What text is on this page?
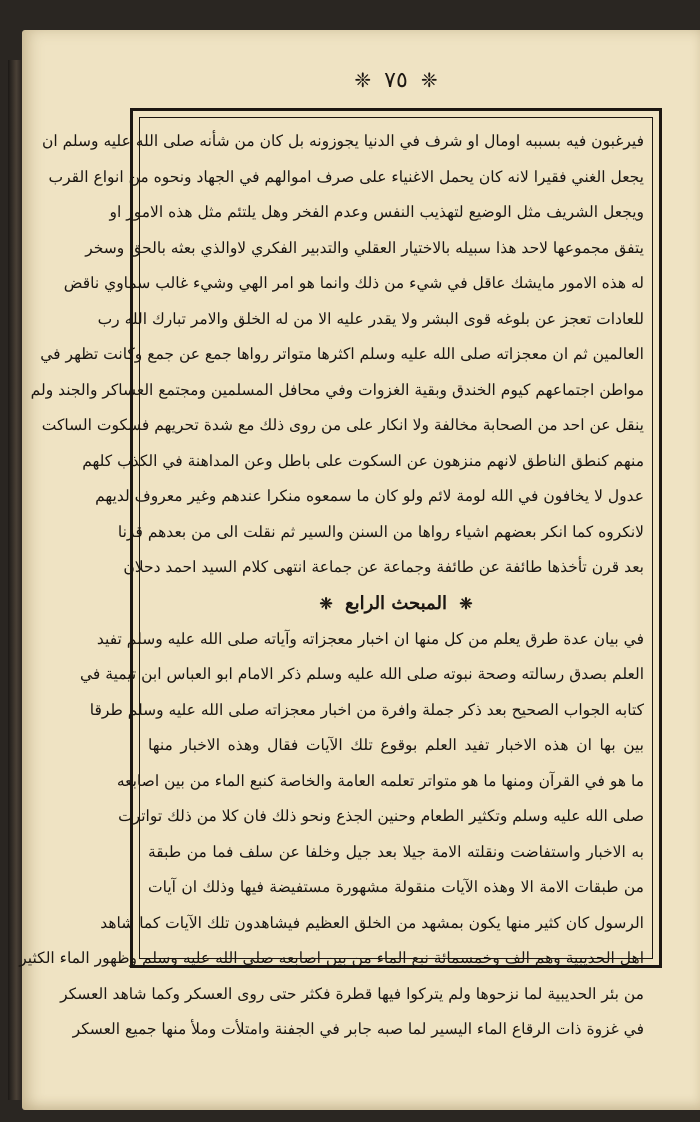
❈ ٧٥ ❈
فيرغبون فيه بسببه اومال او شرف في الدنيا يجوزونه بل كان من شأنه صلى الله عليه وسلم ان
يجعل الغني فقيرا لانه كان يحمل الاغنياء على صرف اموالهم في الجهاد ونحوه من انواع القرب
ويجعل الشريف مثل الوضيع لتهذيب النفس وعدم الفخر وهل يلتئم مثل هذه الامور او
يتفق مجموعها لاحد هذا سبيله بالاختيار العقلي والتدبير الفكري لاوالذي بعثه بالحق وسخر
له هذه الامور مايشك عاقل في شيء من ذلك وانما هو امر الهي وشيء غالب سماوي ناقض
للعادات تعجز عن بلوغه قوى البشر ولا يقدر عليه الا من له الخلق والامر تبارك الله رب
العالمين ثم ان معجزاته صلى الله عليه وسلم اكثرها متواتر رواها جمع عن جمع وكانت تظهر في
مواطن اجتماعهم كيوم الخندق وبقية الغزوات وفي محافل المسلمين ومجتمع العساكر والجند ولم
ينقل عن احد من الصحابة مخالفة ولا انكار على من روى ذلك مع شدة تحريهم فسكوت الساكت
منهم كنطق الناطق لانهم منزهون عن السكوت على باطل وعن المداهنة في الكذب كلهم
عدول لا يخافون في الله لومة لائم ولو كان ما سمعوه منكرا عندهم وغير معروف لديهم
لانكروه كما انكر بعضهم اشياء رواها من السنن والسير ثم نقلت الى من بعدهم قرنا
بعد قرن تأخذها طائفة عن طائفة وجماعة عن جماعة انتهى كلام السيد احمد دحلان
❈ المبحث الرابع ❈
في بيان عدة طرق يعلم من كل منها ان اخبار معجزاته وآياته صلى الله عليه وسلم تفيد
العلم بصدق رسالته وصحة نبوته صلى الله عليه وسلم ذكر الامام ابو العباس ابن تيمية في
كتابه الجواب الصحيح بعد ذكر جملة وافرة من اخبار معجزاته صلى الله عليه وسلم طرقا
بين بها ان هذه الاخبار تفيد العلم بوقوع تلك الآيات فقال وهذه الاخبار منها
ما هو في القرآن ومنها ما هو متواتر تعلمه العامة والخاصة كنبع الماء من بين اصابعه
صلى الله عليه وسلم وتكثير الطعام وحنين الجذع ونحو ذلك فان كلا من ذلك تواترت
به الاخبار واستفاضت ونقلته الامة جيلا بعد جيل وخلفا عن سلف فما من طبقة
من طبقات الامة الا وهذه الآيات منقولة مشهورة مستفيضة فيها وذلك ان آيات
الرسول كان كثير منها يكون بمشهد من الخلق العظيم فيشاهدون تلك الآيات كما شاهد
اهل الحديبية وهم الف وخمسمائة نبع الماء من بين اصابعه صلى الله عليه وسلم وظهور الماء الكثير
من بئر الحديبية لما نزحوها ولم يتركوا فيها قطرة فكثر حتى روى العسكر وكما شاهد العسكر
في غزوة ذات الرقاع الماء اليسير لما صبه جابر في الجفنة وامتلأت وملأ منها جميع العسكر
